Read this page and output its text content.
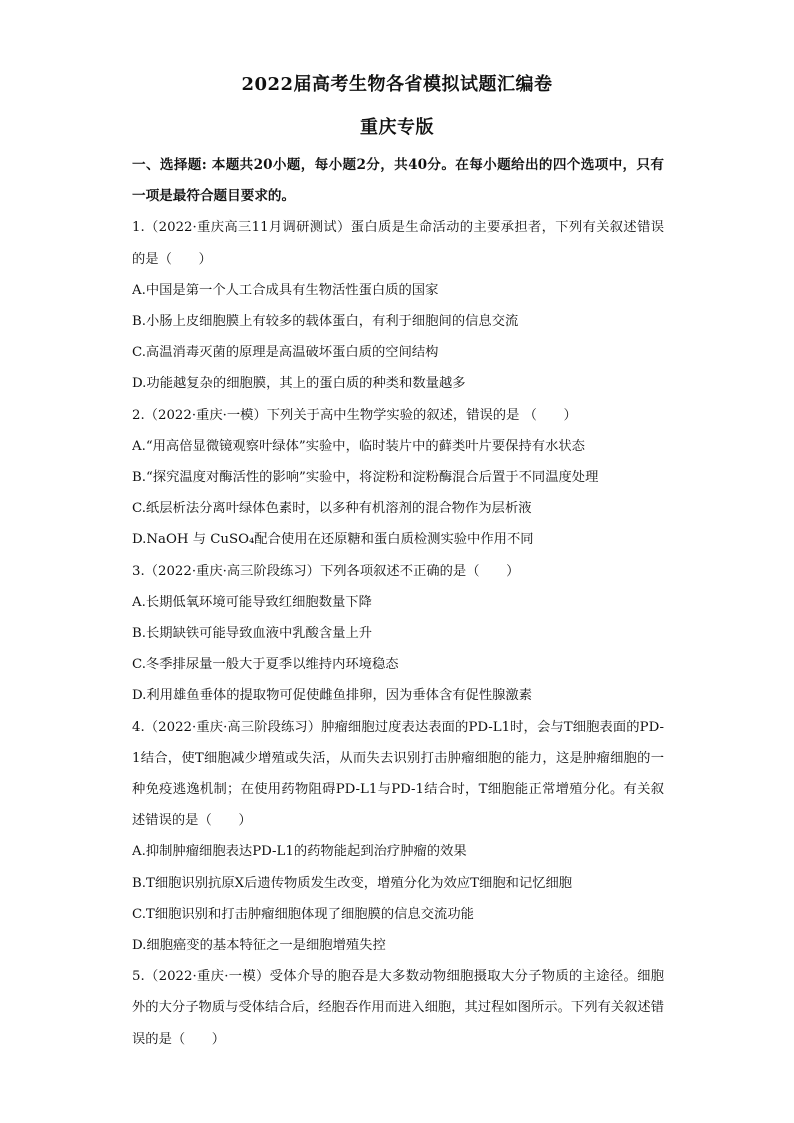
2022届高考生物各省模拟试题汇编卷
重庆专版
一、选择题: 本题共20小题，每小题2分，共40分。在每小题给出的四个选项中，只有一项是最符合题目要求的。
1.（2022·重庆高三11月调研测试）蛋白质是生命活动的主要承担者，下列有关叙述错误的是（　　）
A.中国是第一个人工合成具有生物活性蛋白质的国家
B.小肠上皮细胞膜上有较多的载体蛋白，有利于细胞间的信息交流
C.高温消毒灭菌的原理是高温破坏蛋白质的空间结构
D.功能越复杂的细胞膜，其上的蛋白质的种类和数量越多
2.（2022·重庆·一模）下列关于高中生物学实验的叙述，错误的是 （　　）
A.“用高倍显微镜观察叶绿体”实验中，临时装片中的藓类叶片要保持有水状态
B.“探究温度对酶活性的影响”实验中，将淀粉和淀粉酶混合后置于不同温度处理
C.纸层析法分离叶绿体色素时，以多种有机溶剂的混合物作为层析液
D.NaOH 与 CuSO₄配合使用在还原糖和蛋白质检测实验中作用不同
3.（2022·重庆·高三阶段练习）下列各项叙述不正确的是（　　）
A.长期低氧环境可能导致红细胞数量下降
B.长期缺铁可能导致血液中乳酸含量上升
C.冬季排尿量一般大于夏季以维持内环境稳态
D.利用雄鱼垂体的提取物可促使雌鱼排卵，因为垂体含有促性腺激素
4.（2022·重庆·高三阶段练习）肿瘤细胞过度表达表面的PD-L1时，会与T细胞表面的PD-1结合，使T细胞减少增殖或失活，从而失去识别打击肿瘤细胞的能力，这是肿瘤细胞的一种免疫逃逸机制；在使用药物阻碍PD-L1与PD-1结合时，T细胞能正常增殖分化。有关叙述错误的是（　　）
A.抑制肿瘤细胞表达PD-L1的药物能起到治疗肿瘤的效果
B.T细胞识别抗原X后遗传物质发生改变，增殖分化为效应T细胞和记忆细胞
C.T细胞识别和打击肿瘤细胞体现了细胞膜的信息交流功能
D.细胞癌变的基本特征之一是细胞增殖失控
5.（2022·重庆·一模）受体介导的胞吞是大多数动物细胞摄取大分子物质的主途径。细胞外的大分子物质与受体结合后，经胞吞作用而进入细胞，其过程如图所示。下列有关叙述错误的是（　　）
